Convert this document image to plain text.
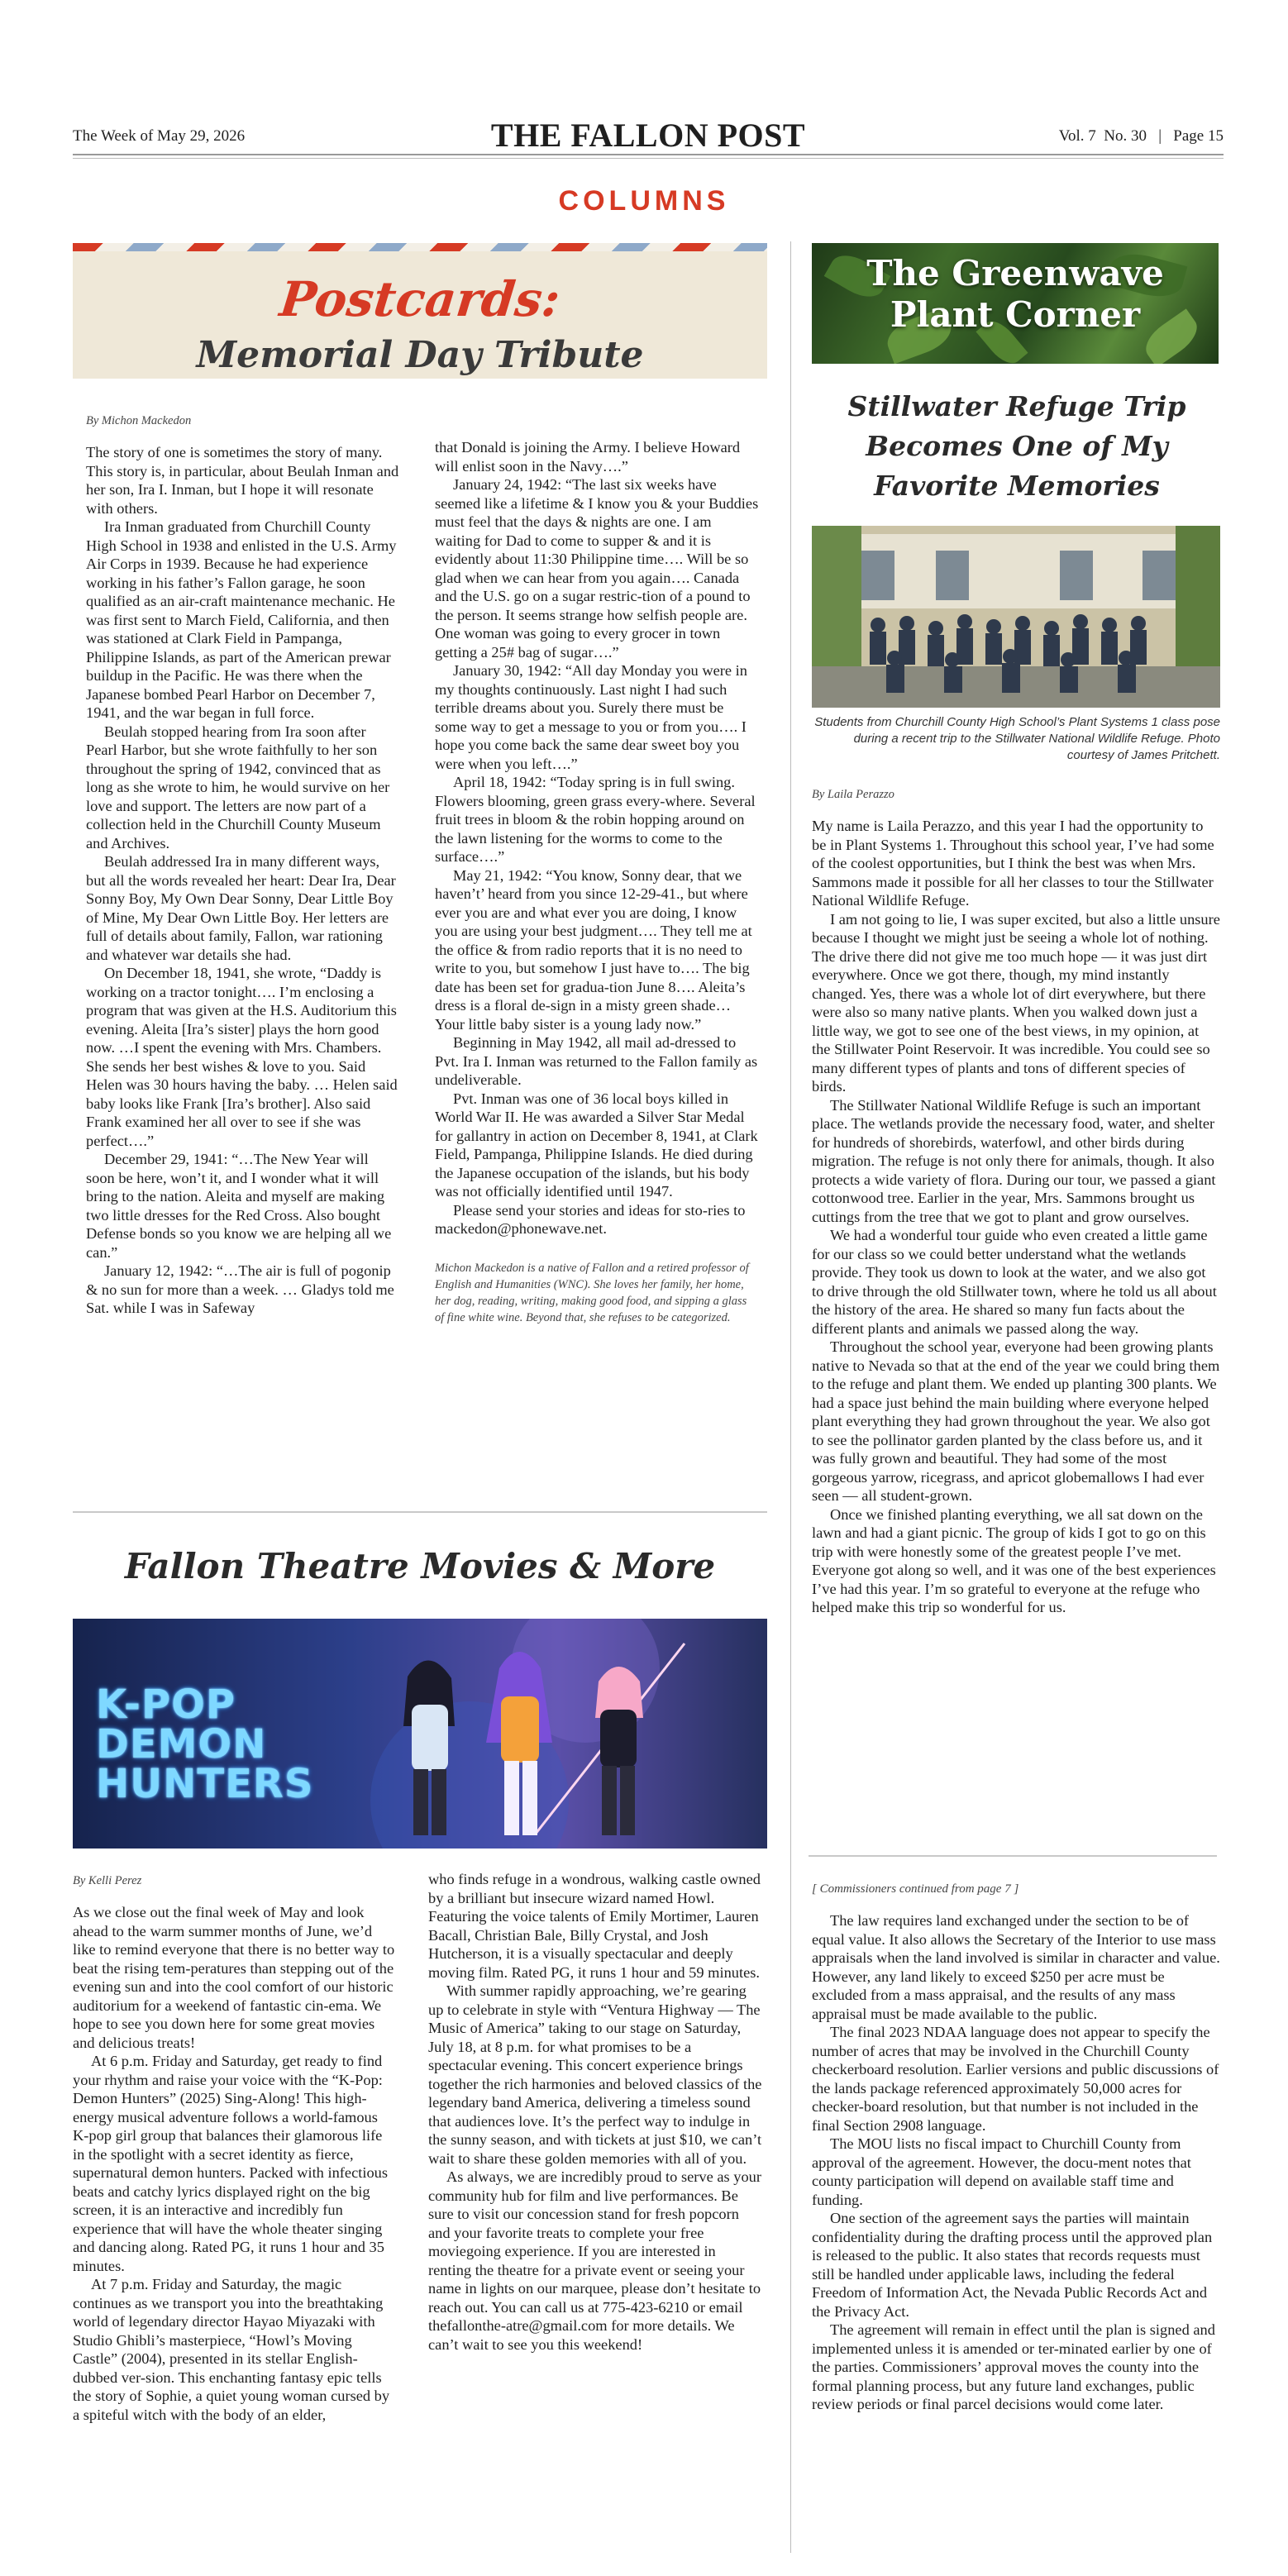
The Week of May 29, 2026	THE FALLON POST	Vol. 7  No. 30   |   Page 15
COLUMNS
Postcards:
Memorial Day Tribute
By Michon Mackedon

The story of one is sometimes the story of many. This story is, in particular, about Beulah Inman and her son, Ira I. Inman, but I hope it will resonate with others.

Ira Inman graduated from Churchill County High School in 1938 and enlisted in the U.S. Army Air Corps in 1939. Because he had experience working in his father’s Fallon garage, he soon qualified as an air-craft maintenance mechanic. He was first sent to March Field, California, and then was stationed at Clark Field in Pampanga, Philippine Islands, as part of the American prewar buildup in the Pacific. He was there when the Japanese bombed Pearl Harbor on December 7, 1941, and the war began in full force.

Beulah stopped hearing from Ira soon after Pearl Harbor, but she wrote faithfully to her son throughout the spring of 1942, convinced that as long as she wrote to him, he would survive on her love and support. The letters are now part of a collection held in the Churchill County Museum and Archives.

Beulah addressed Ira in many different ways, but all the words revealed her heart: Dear Ira, Dear Sonny Boy, My Own Dear Sonny, Dear Little Boy of Mine, My Dear Own Little Boy. Her letters are full of details about family, Fallon, war rationing and whatever war details she had.

On December 18, 1941, she wrote, “Daddy is working on a tractor tonight…. I’m enclosing a program that was given at the H.S. Auditorium this evening. Aleita [Ira’s sister] plays the horn good now. …I spent the evening with Mrs. Chambers. She sends her best wishes & love to you. Said Helen was 30 hours having the baby. … Helen said baby looks like Frank [Ira’s brother]. Also said Frank examined her all over to see if she was perfect….”

December 29, 1941: “…The New Year will soon be here, won’t it, and I wonder what it will bring to the nation. Aleita and myself are making two little dresses for the Red Cross. Also bought Defense bonds so you know we are helping all we can.”

January 12, 1942: “…The air is full of pogonip & no sun for more than a week. … Gladys told me Sat. while I was in Safeway

that Donald is joining the Army. I believe Howard will enlist soon in the Navy….”

January 24, 1942: “The last six weeks have seemed like a lifetime & I know you & your Buddies must feel that the days & nights are one. I am waiting for Dad to come to supper & and it is evidently about 11:30 Philippine time…. Will be so glad when we can hear from you again…. Canada and the U.S. go on a sugar restric-tion of a pound to the person. It seems strange how selfish people are. One woman was going to every grocer in town getting a 25# bag of sugar….”

January 30, 1942: “All day Monday you were in my thoughts continuously. Last night I had such terrible dreams about you. Surely there must be some way to get a message to you or from you…. I hope you come back the same dear sweet boy you were when you left….”

April 18, 1942: “Today spring is in full swing. Flowers blooming, green grass every-where. Several fruit trees in bloom & the robin hopping around on the lawn listening for the worms to come to the surface….”

May 21, 1942: “You know, Sonny dear, that we haven’t’ heard from you since 12-29-41., but where ever you are and what ever you are doing, I know you are using your best judgment…. They tell me at the office & from radio reports that it is no need to write to you, but somehow I just have to…. The big date has been set for gradua-tion June 8…. Aleita’s dress is a floral de-sign in a misty green shade… Your little baby sister is a young lady now.”

Beginning in May 1942, all mail ad-dressed to Pvt. Ira I. Inman was returned to the Fallon family as undeliverable.

Pvt. Inman was one of 36 local boys killed in World War II. He was awarded a Silver Star Medal for gallantry in action on December 8, 1941, at Clark Field, Pampanga, Philippine Islands. He died during the Japanese occupation of the islands, but his body was not officially identified until 1947.

Please send your stories and ideas for sto-ries to mackedon@phonewave.net.

Michon Mackedon is a native of Fallon and a retired professor of English and Humanities (WNC). She loves her family, her home, her dog, reading, writing, making good food, and sipping a glass of fine white wine. Beyond that, she refuses to be categorized.
The Greenwave
Plant Corner
Stillwater Refuge Trip Becomes One of My Favorite Memories
Students from Churchill County High School’s Plant Systems 1 class pose during a recent trip to the Stillwater National Wildlife Refuge. Photo courtesy of James Pritchett.
By Laila Perazzo

My name is Laila Perazzo, and this year I had the opportunity to be in Plant Systems 1. Throughout this school year, I’ve had some of the coolest opportunities, but I think the best was when Mrs. Sammons made it possible for all her classes to tour the Stillwater National Wildlife Refuge.

I am not going to lie, I was super excited, but also a little unsure because I thought we might just be seeing a whole lot of nothing. The drive there did not give me too much hope — it was just dirt everywhere. Once we got there, though, my mind instantly changed. Yes, there was a whole lot of dirt everywhere, but there were also so many native plants. When you walked down just a little way, we got to see one of the best views, in my opinion, at the Stillwater Point Reservoir. It was incredible. You could see so many different types of plants and tons of different species of birds.

The Stillwater National Wildlife Refuge is such an important place. The wetlands provide the necessary food, water, and shelter for hundreds of shorebirds, waterfowl, and other birds during migration. The refuge is not only there for animals, though. It also protects a wide variety of flora. During our tour, we passed a giant cottonwood tree. Earlier in the year, Mrs. Sammons brought us cuttings from the tree that we got to plant and grow ourselves.

We had a wonderful tour guide who even created a little game for our class so we could better understand what the wetlands provide. They took us down to look at the water, and we also got to drive through the old Stillwater town, where he told us all about the history of the area. He shared so many fun facts about the different plants and animals we passed along the way.

Throughout the school year, everyone had been growing plants native to Nevada so that at the end of the year we could bring them to the refuge and plant them. We ended up planting 300 plants. We had a space just behind the main building where everyone helped plant everything they had grown throughout the year. We also got to see the pollinator garden planted by the class before us, and it was fully grown and beautiful. They had some of the most gorgeous yarrow, ricegrass, and apricot globemallows I had ever seen — all student-grown.

Once we finished planting everything, we all sat down on the lawn and had a giant picnic. The group of kids I got to go on this trip with were honestly some of the greatest people I’ve met. Everyone got along so well, and it was one of the best experiences I’ve had this year. I’m so grateful to everyone at the refuge who helped make this trip so wonderful for us.

[ Commissioners continued from page 7 ]

The law requires land exchanged under the section to be of equal value. It also allows the Secretary of the Interior to use mass appraisals when the land involved is similar in character and value. However, any land likely to exceed $250 per acre must be excluded from a mass appraisal, and the results of any mass appraisal must be made available to the public.

The final 2023 NDAA language does not appear to specify the number of acres that may be involved in the Churchill County checkerboard resolution. Earlier versions and public discussions of the lands package referenced approximately 50,000 acres for checker-board resolution, but that number is not included in the final Section 2908 language.

The MOU lists no fiscal impact to Churchill County from approval of the agreement. However, the docu-ment notes that county participation will depend on available staff time and funding.

One section of the agreement says the parties will maintain confidentiality during the drafting process until the approved plan is released to the public. It also states that records requests must still be handled under applicable laws, including the federal Freedom of Information Act, the Nevada Public Records Act and the Privacy Act.

The agreement will remain in effect until the plan is signed and implemented unless it is amended or ter-minated earlier by one of the parties. Commissioners’ approval moves the county into the formal planning process, but any future land exchanges, public review periods or final parcel decisions would come later.

Fallon Theatre Movies & More
K-POP
DEMON
HUNTERS
By Kelli Perez

As we close out the final week of May and look ahead to the warm summer months of June, we’d like to remind everyone that there is no better way to beat the rising tem-peratures than stepping out of the evening sun and into the cool comfort of our historic auditorium for a weekend of fantastic cin-ema. We hope to see you down here for some great movies and delicious treats!

At 6 p.m. Friday and Saturday, get ready to find your rhythm and raise your voice with the “K-Pop: Demon Hunters” (2025) Sing-Along! This high-energy musical adventure follows a world-famous K-pop girl group that balances their glamorous life in the spotlight with a secret identity as fierce, supernatural demon hunters. Packed with infectious beats and catchy lyrics displayed right on the big screen, it is an interactive and incredibly fun experience that will have the whole theater singing and dancing along. Rated PG, it runs 1 hour and 35 minutes.

At 7 p.m. Friday and Saturday, the magic continues as we transport you into the breathtaking world of legendary director Hayao Miyazaki with Studio Ghibli’s masterpiece, “Howl’s Moving Castle” (2004), presented in its stellar English-dubbed ver-sion. This enchanting fantasy epic tells the story of Sophie, a quiet young woman cursed by a spiteful witch with the body of an elder,

who finds refuge in a wondrous, walking castle owned by a brilliant but insecure wizard named Howl. Featuring the voice talents of Emily Mortimer, Lauren Bacall, Christian Bale, Billy Crystal, and Josh Hutcherson, it is a visually spectacular and deeply moving film. Rated PG, it runs 1 hour and 59 minutes.

With summer rapidly approaching, we’re gearing up to celebrate in style with “Ventura Highway — The Music of America” taking to our stage on Saturday, July 18, at 8 p.m. for what promises to be a spectacular evening. This concert experience brings together the rich harmonies and beloved classics of the legendary band America, delivering a timeless sound that audiences love. It’s the perfect way to indulge in the sunny season, and with tickets at just $10, we can’t wait to share these golden memories with all of you.

As always, we are incredibly proud to serve as your community hub for film and live performances. Be sure to visit our concession stand for fresh popcorn and your favorite treats to complete your free moviegoing experience. If you are interested in renting the theatre for a private event or seeing your name in lights on our marquee, please don’t hesitate to reach out. You can call us at 775-423-6210 or email thefallonthe-atre@gmail.com for more details. We can’t wait to see you this weekend!
